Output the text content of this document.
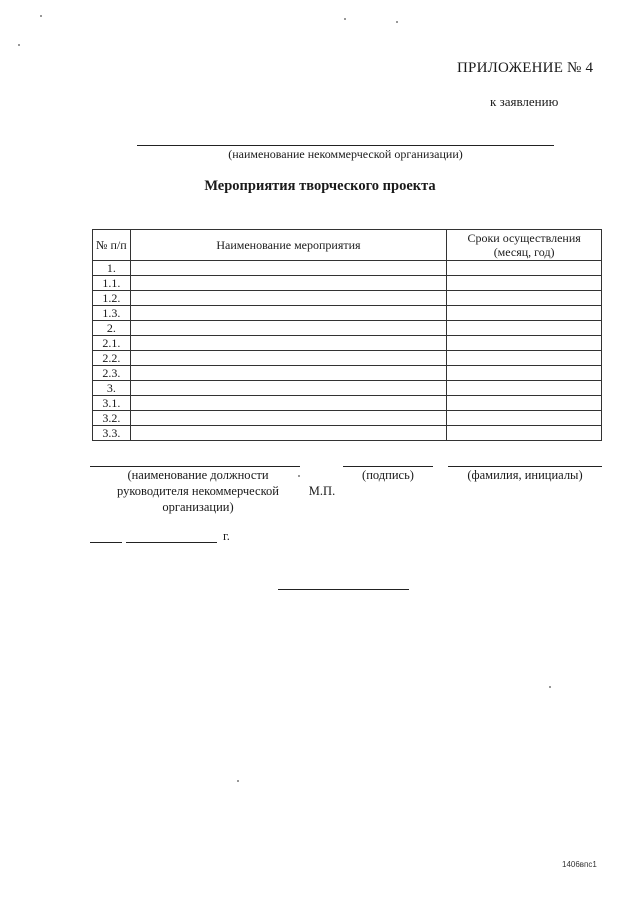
ПРИЛОЖЕНИЕ № 4
к заявлению
(наименование некоммерческой организации)
Мероприятия творческого проекта
№ п/п	Наименование мероприятия	Сроки осуществления (месяц, год)
1.		
1.1.		
1.2.		
1.3.		
2.		
2.1.		
2.2.		
2.3.		
3.		
3.1.		
3.2.		
3.3.		
(наименование должности руководителя некоммерческой организации)
М.П.
(подпись)	(фамилия, инициалы)
г.
1406впс1
